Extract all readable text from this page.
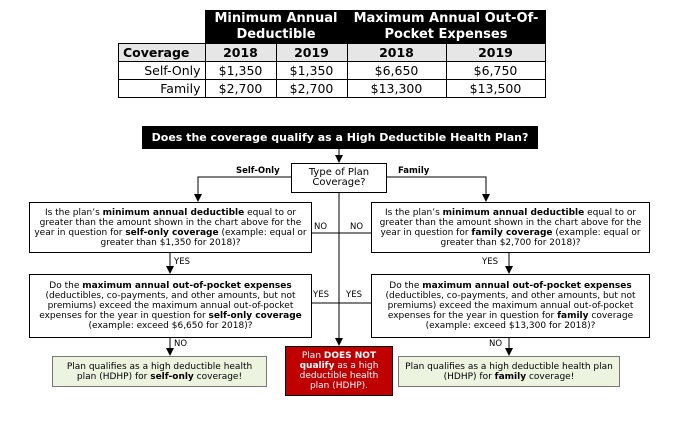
	Minimum Annual Deductible		Maximum Annual Out-Of-Pocket Expenses	

Coverage	2018	2019	2018	2019
Self-Only	$1,350	$1,350	$6,650	$6,750
Family	$2,700	$2,700	$13,300	$13,500
Does the coverage qualify as a High Deductible Health Plan?
Type of Plan Coverage?
Self-Only	Family
Is the plan’s minimum annual deductible equal to or greater than the amount shown in the chart above for the year in question for self-only coverage (example: equal or greater than $1,350 for 2018)?
Is the plan’s minimum annual deductible equal to or greater than the amount shown in the chart above for the year in question for family coverage (example: equal or greater than $2,700 for 2018)?
Do the maximum annual out-of-pocket expenses (deductibles, co-payments, and other amounts, but not premiums) exceed the maximum annual out-of-pocket expenses for the year in question for self-only coverage (example: exceed $6,650 for 2018)?
Do the maximum annual out-of-pocket expenses (deductibles, co-payments, and other amounts, but not premiums) exceed the maximum annual out-of-pocket expenses for the year in question for family coverage (example: exceed $13,300 for 2018)?
Plan qualifies as a high deductible health plan (HDHP) for self-only coverage!
Plan qualifies as a high deductible health plan (HDHP) for family coverage!
Plan DOES NOT qualify as a high deductible health plan (HDHP).
NO	NO
YES	YES
YES YES
NO	NO
